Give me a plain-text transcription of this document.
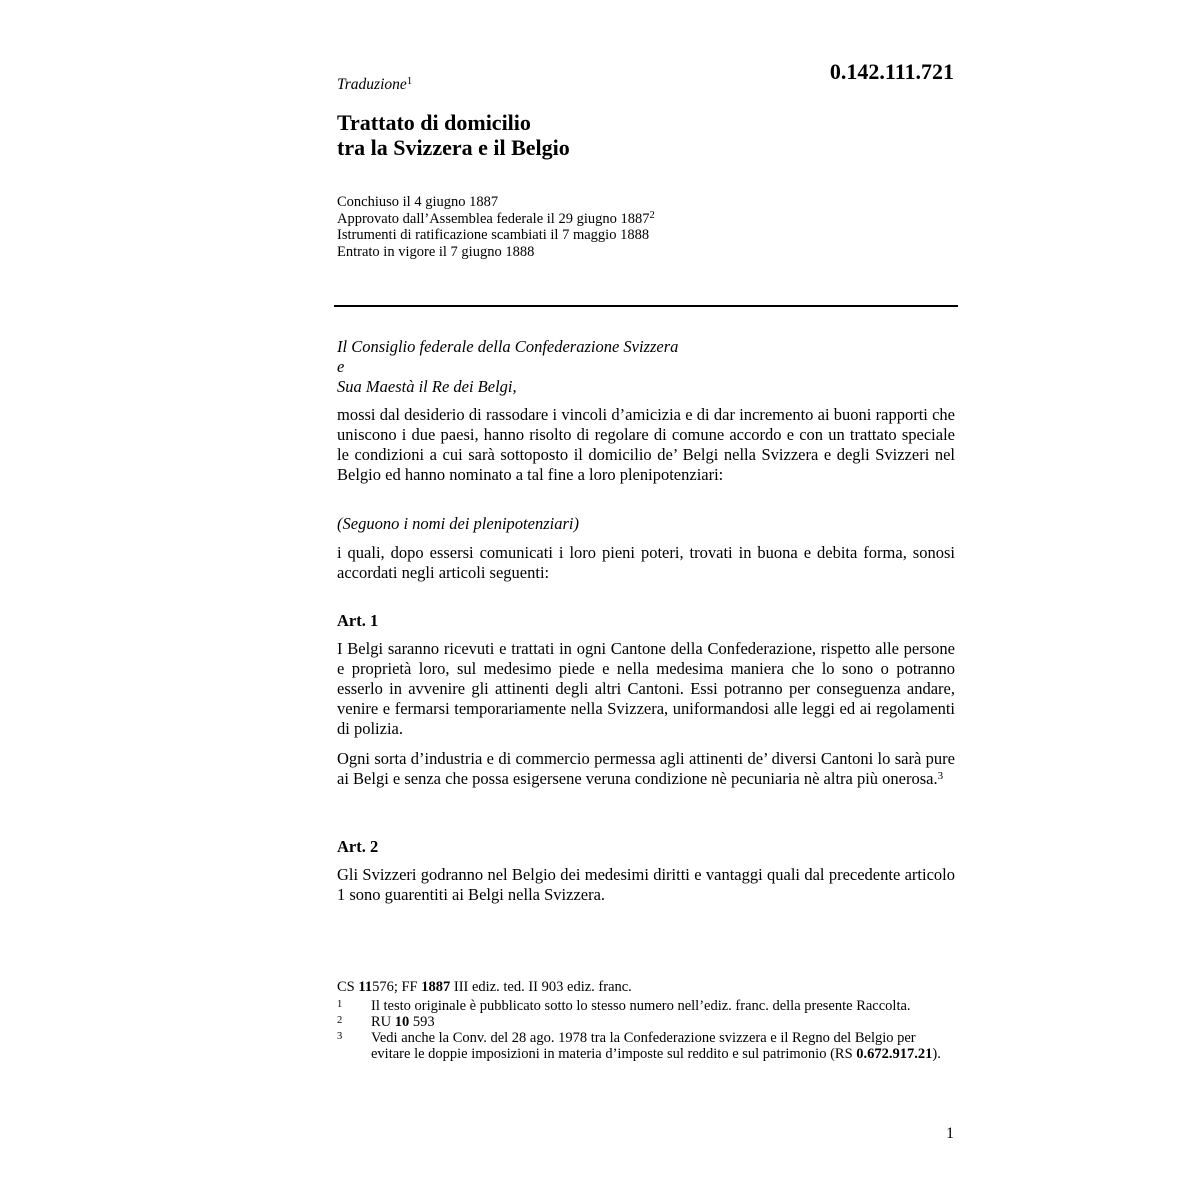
0.142.111.721
Traduzione$^1$
Trattato di domicilio
tra la Svizzera e il Belgio
Conchiuso il 4 giugno 1887
Approvato dall’Assemblea federale il 29 giugno 1887$^2$
Istrumenti di ratificazione scambiati il 7 maggio 1888
Entrato in vigore il 7 giugno 1888
Il Consiglio federale della Confederazione Svizzera
e
Sua Maestà il Re dei Belgi,
mossi dal desiderio di rassodare i vincoli d’amicizia e di dar incremento ai buoni rapporti che uniscono i due paesi, hanno risolto di regolare di comune accordo e con un trattato speciale le condizioni a cui sarà sottoposto il domicilio de’ Belgi nella Svizzera e degli Svizzeri nel Belgio ed hanno nominato a tal fine a loro plenipotenziari:
(Seguono i nomi dei plenipotenziari)
i quali, dopo essersi comunicati i loro pieni poteri, trovati in buona e debita forma, sonosi accordati negli articoli seguenti:
Art. 1
I Belgi saranno ricevuti e trattati in ogni Cantone della Confederazione, rispetto alle persone e proprietà loro, sul medesimo piede e nella medesima maniera che lo sono o potranno esserlo in avvenire gli attinenti degli altri Cantoni. Essi potranno per conseguenza andare, venire e fermarsi temporariamente nella Svizzera, uniformandosi alle leggi ed ai regolamenti di polizia.
Ogni sorta d’industria e di commercio permessa agli attinenti de’ diversi Cantoni lo sarà pure ai Belgi e senza che possa esigersene veruna condizione nè pecuniaria nè altra più onerosa.$^3$
Art. 2
Gli Svizzeri godranno nel Belgio dei medesimi diritti e vantaggi quali dal precedente articolo 1 sono guarentiti ai Belgi nella Svizzera.
CS 11576; FF 1887 III ediz. ted. II 903 ediz. franc.
1	Il testo originale è pubblicato sotto lo stesso numero nell’ediz. franc. della presente Raccolta.
2	RU 10 593
3	Vedi anche la Conv. del 28 ago. 1978 tra la Confederazione svizzera e il Regno del Belgio per evitare le doppie imposizioni in materia d’imposte sul reddito e sul patrimonio (RS 0.672.917.21).
1
